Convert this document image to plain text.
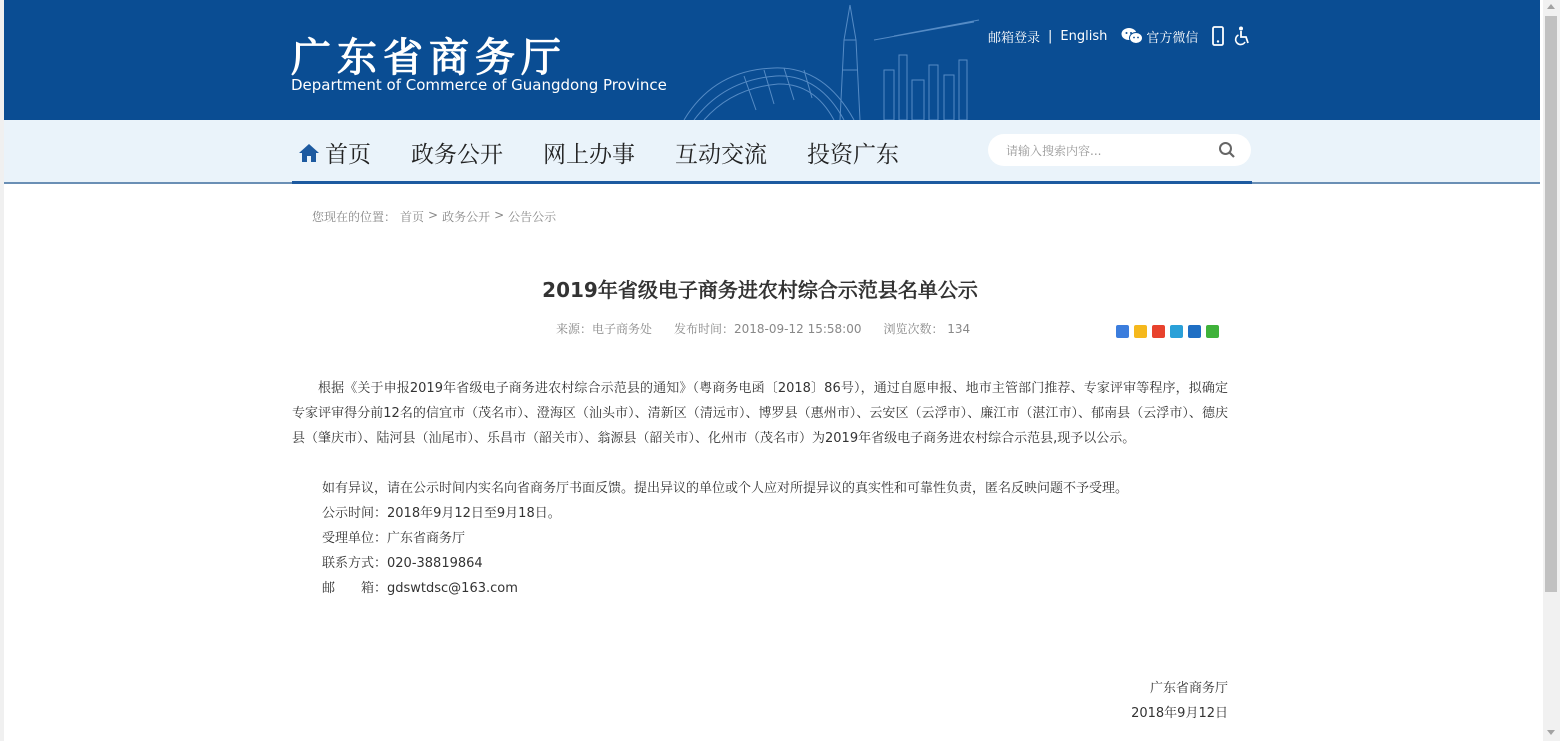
广东省商务厅
Department of Commerce of Guangdong Province
邮箱登录 | English	官方微信
首页 政务公开 网上办事 互动交流 投资广东
请输入搜索内容...
您现在的位置： 首页 > 政务公开 > 公告公示
2019年省级电子商务进农村综合示范县名单公示
来源：电子商务处 发布时间：2018-09-12 15:58:00 浏览次数： 134
根据《关于申报2019年省级电子商务进农村综合示范县的通知》（粤商务电函〔2018〕86号），通过自愿申报、地市主管部门推荐、专家评审等程序，拟确定专家评审得分前12名的信宜市（茂名市）、澄海区（汕头市）、清新区（清远市）、博罗县（惠州市）、云安区（云浮市）、廉江市（湛江市）、郁南县（云浮市）、德庆县（肇庆市）、陆河县（汕尾市）、乐昌市（韶关市）、翁源县（韶关市）、化州市（茂名市）为2019年省级电子商务进农村综合示范县,现予以公示。
如有异议，请在公示时间内实名向省商务厅书面反馈。提出异议的单位或个人应对所提异议的真实性和可靠性负责，匿名反映问题不予受理。
公示时间：2018年9月12日至9月18日。
受理单位：广东省商务厅
联系方式：020-38819864
邮　　箱：gdswtdsc@163.com
广东省商务厅
2018年9月12日
